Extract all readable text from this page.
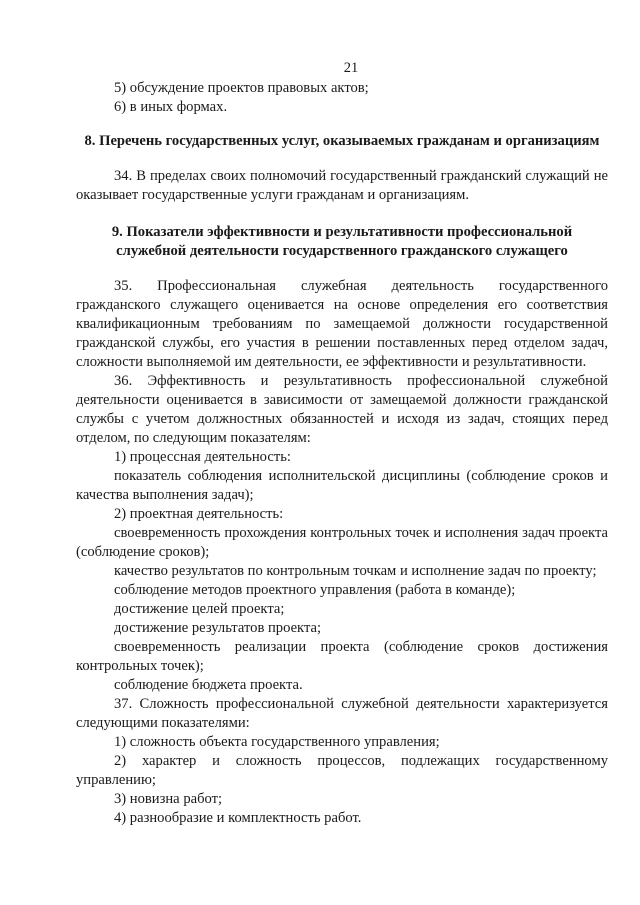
21

5) обсуждение проектов правовых актов;

6) в иных формах.

8. Перечень государственных услуг, оказываемых гражданам и организациям

34. В пределах своих полномочий государственный гражданский служащий не оказывает государственные услуги гражданам и организациям.

9. Показатели эффективности и результативности профессиональной служебной деятельности государственного гражданского служащего

35. Профессиональная служебная деятельность государственного гражданского служащего оценивается на основе определения его соответствия квалификационным требованиям по замещаемой должности государственной гражданской службы, его участия в решении поставленных перед отделом задач, сложности выполняемой им деятельности, ее эффективности и результативности.

36. Эффективность и результативность профессиональной служебной деятельности оценивается в зависимости от замещаемой должности гражданской службы с учетом должностных обязанностей и исходя из задач, стоящих перед отделом, по следующим показателям:

1) процессная деятельность:

показатель соблюдения исполнительской дисциплины (соблюдение сроков и качества выполнения задач);

2) проектная деятельность:

своевременность прохождения контрольных точек и исполнения задач проекта (соблюдение сроков);

качество результатов по контрольным точкам и исполнение задач по проекту;

соблюдение методов проектного управления (работа в команде);

достижение целей проекта;

достижение результатов проекта;

своевременность реализации проекта (соблюдение сроков достижения контрольных точек);

соблюдение бюджета проекта.

37. Сложность профессиональной служебной деятельности характеризуется следующими показателями:

1) сложность объекта государственного управления;

2) характер и сложность процессов, подлежащих государственному управлению;

3) новизна работ;

4) разнообразие и комплектность работ.
